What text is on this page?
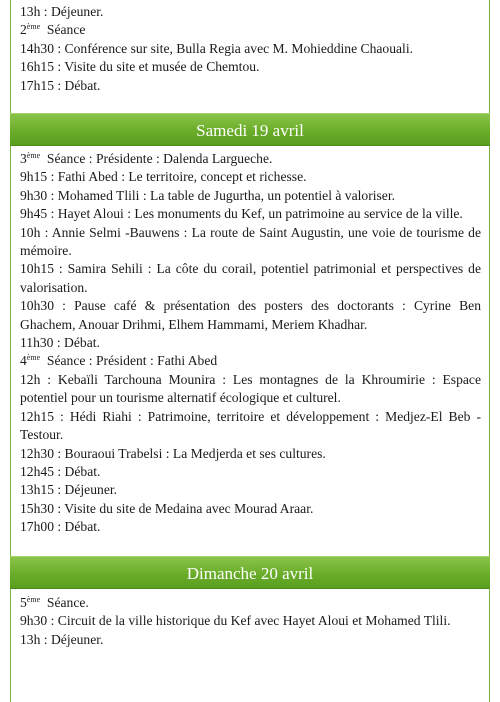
13h : Déjeuner.
2ème Séance
14h30 : Conférence sur site, Bulla Regia avec M. Mohieddine Chaouali.
16h15 : Visite du site et musée de Chemtou.
17h15 : Débat.
Samedi 19 avril
3ème Séance : Présidente : Dalenda Largueche.
9h15 : Fathi Abed : Le territoire, concept et richesse.
9h30 : Mohamed Tlili : La table de Jugurtha, un potentiel à valoriser.
9h45 : Hayet Aloui : Les monuments du Kef, un patrimoine au service de la ville.
10h : Annie Selmi -Bauwens : La route de Saint Augustin, une voie de tourisme de mémoire.
10h15 : Samira Sehili : La côte du corail, potentiel patrimonial et perspectives de valorisation.
10h30 : Pause café & présentation des posters des doctorants : Cyrine Ben Ghachem, Anouar Drihmi, Elhem Hammami, Meriem Khadhar.
11h30 : Débat.
4ème Séance : Président : Fathi Abed
12h : Kebaïli Tarchouna Mounira : Les montagnes de la Khroumirie : Espace potentiel pour un tourisme alternatif écologique et culturel.
12h15 : Hédi Riahi : Patrimoine, territoire et développement : Medjez-El Beb - Testour.
12h30 : Bouraoui Trabelsi : La Medjerda et ses cultures.
12h45 : Débat.
13h15 : Déjeuner.
15h30 : Visite du site de Medaina avec Mourad Araar.
17h00 : Débat.
Dimanche 20 avril
5ème Séance.
9h30 : Circuit de la ville historique du Kef avec Hayet Aloui et Mohamed Tlili.
13h : Déjeuner.
